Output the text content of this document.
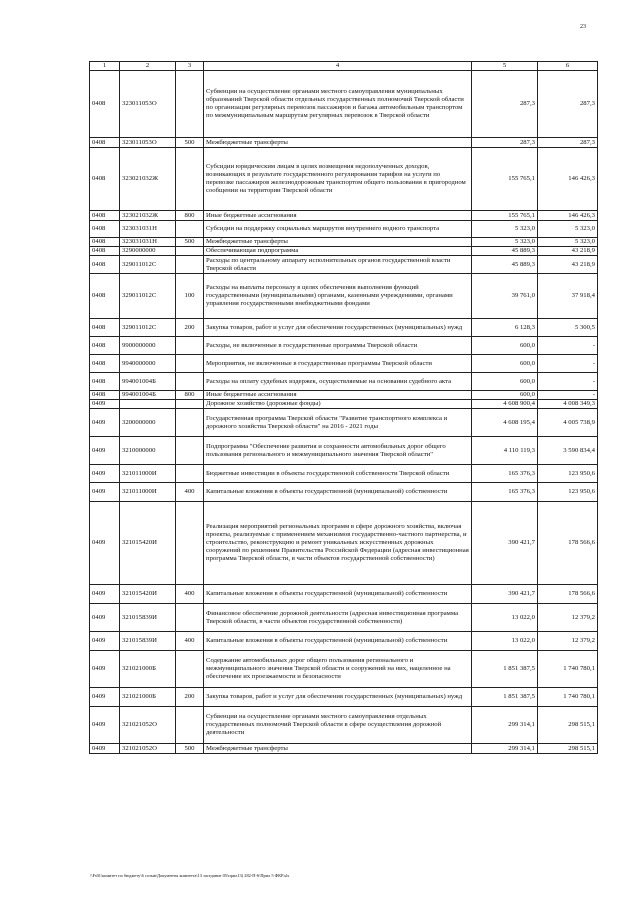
23
1	2	3	4	5	6
0408	323011053О		Субвенции на осуществление органами местного самоуправления муниципальных образований Тверской области отдельных государственных полномочий Тверской области по организации регулярных перевозок пассажиров и багажа автомобильным транспортом по межмуниципальным маршрутам регулярных перевозок в Тверской области	287,3	287,3
0408	323011053О	500	Межбюджетные трансферты	287,3	287,3
0408	323021032Ж		Субсидии юридическим лицам в целях возмещения недополученных доходов, возникающих в результате государственного регулирования тарифов на услуги по перевозке пассажиров железнодорожным транспортом общего пользования в пригородном сообщении на территории Тверской области	155 765,1	146 426,3
0408	323021032Ж	800	Иные бюджетные ассигнования	155 765,1	146 426,3
0408	323031031Н		Субсидии на поддержку социальных маршрутов внутреннего водного транспорта	5 323,0	5 323,0
0408	323031031Н	500	Межбюджетные трансферты	5 323,0	5 323,0
0408	3290000000		Обеспечивающая подпрограмма	45 889,3	43 218,9
0408	329011012С		Расходы по центральному аппарату исполнительных органов государственной власти Тверской области	45 889,3	43 218,9
0408	329011012С	100	Расходы на выплаты персоналу в целях обеспечения выполнения функций государственными (муниципальными) органами, казенными учреждениями, органами управления государственными внебюджетными фондами	39 761,0	37 918,4
0408	329011012С	200	Закупка товаров, работ и услуг для обеспечения государственных (муниципальных) нужд	6 128,3	5 300,5
0408	9900000000		Расходы, не включенные в государственные программы Тверской области	600,0	-
0408	9940000000		Мероприятия, не включенные в государственные программы Тверской области	600,0	-
0408	994001004Б		Расходы на оплату судебных издержек, осуществляемые на основании судебного акта	600,0	-
0408	994001004Б	800	Иные бюджетные ассигнования	600,0	-
0409			Дорожное хозяйство (дорожные фонды)	4 608 900,4	4 008 349,3
0409	3200000000		Государственная программа Тверской области "Развитие транспортного комплекса и дорожного хозяйства Тверской области" на 2016 - 2021 годы	4 608 195,4	4 005 738,9
0409	3210000000		Подпрограмма "Обеспечение развития и сохранности автомобильных дорог общего пользования регионального и межмуниципального значения Тверской области"	4 110 119,3	3 590 834,4
0409	321011000И		Бюджетные инвестиции в объекты государственной собственности Тверской области	165 376,3	123 950,6
0409	321011000И	400	Капитальные вложения в объекты государственной (муниципальной) собственности	165 376,3	123 950,6
0409	321015420И		Реализация мероприятий региональных программ в сфере дорожного хозяйства, включая проекты, реализуемые с применением механизмов государственно-частного партнерства, и строительство, реконструкцию и ремонт уникальных искусственных дорожных сооружений по решениям Правительства Российской Федерации (адресная инвестиционная программа Тверской области, в части объектов государственной собственности)	390 421,7	178 566,6
0409	321015420И	400	Капитальные вложения в объекты государственной (муниципальной) собственности	390 421,7	178 566,6
0409	321015839И		Финансовое обеспечение дорожной деятельности (адресная инвестиционная программа Тверской области, в части объектов государственной собственности)	13 022,0	12 379,2
0409	321015839И	400	Капитальные вложения в объекты государственной (муниципальной) собственности	13 022,0	12 379,2
0409	321021000Б		Содержание автомобильных дорог общего пользования регионального и межмуниципального значения Тверской области и сооружений на них, нацеленное на обеспечение их проезжаемости и безопасности	1 851 387,5	1 740 780,1
0409	321021000Б	200	Закупка товаров, работ и услуг для обеспечения государственных (муниципальных) нужд	1 851 387,5	1 740 780,1
0409	321021052О		Субвенции на осуществление органами местного самоуправления отдельных государственных полномочий Тверской области в сфере осуществления дорожной деятельности	299 314,1	298 515,1
0409	321021052О	500	Межбюджетные трансферты	299 314,1	298 515,1
\\Fs01\комитет по бюджету\6 созыв\Документы комитета\13 заседание 05\прил13) 282-П-6\Прил 5 ФКР.xls
